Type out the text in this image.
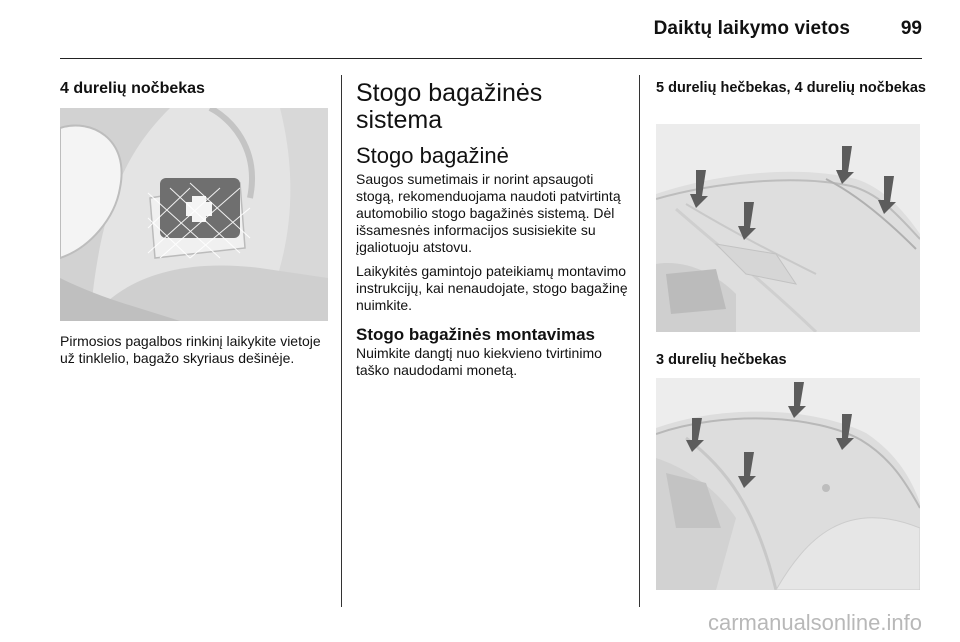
Daiktų laikymo vietos	99

4 durelių nočbekas

Pirmosios pagalbos rinkinį laikykite vietoje už tinklelio, bagažo skyriaus dešinėje.

Stogo bagažinės sistema

Stogo bagažinė

Saugos sumetimais ir norint apsaugoti stogą, rekomenduojama naudoti patvirtintą automobilio stogo bagažinės sistemą. Dėl išsamesnės informacijos susisiekite su įgaliotuoju atstovu.

Laikykitės gamintojo pateikiamų montavimo instrukcijų, kai nenaudojate, stogo bagažinę nuimkite.

Stogo bagažinės montavimas

Nuimkite dangtį nuo kiekvieno tvirtinimo taško naudodami monetą.

5 durelių hečbekas, 4 durelių nočbekas

3 durelių hečbekas

carmanualsonline.info
